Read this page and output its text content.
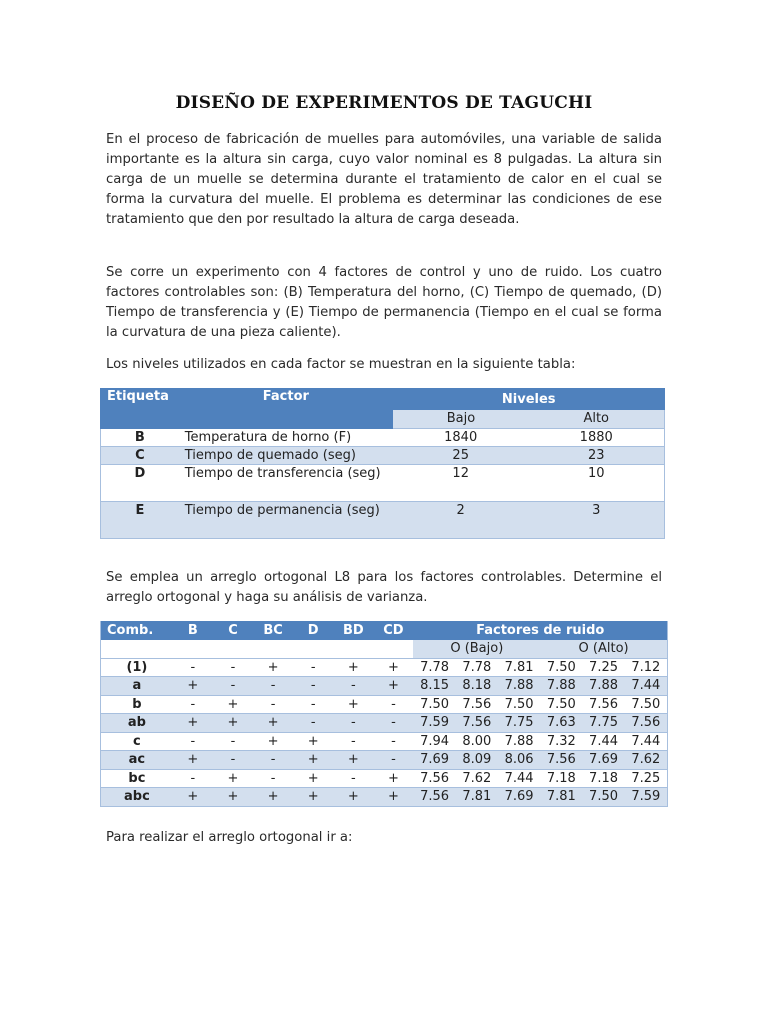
DISEÑO DE EXPERIMENTOS DE TAGUCHI
En el proceso de fabricación de muelles para automóviles, una variable de salida importante es la altura sin carga, cuyo valor nominal es 8 pulgadas. La altura sin carga de un muelle se determina durante el tratamiento de calor en el cual se forma la curvatura del muelle. El problema es determinar las condiciones de ese tratamiento que den por resultado la altura de carga deseada.
Se corre un experimento con 4 factores de control y uno de ruido. Los cuatro factores controlables son: (B) Temperatura del horno, (C) Tiempo de quemado, (D) Tiempo de transferencia y (E) Tiempo de permanencia (Tiempo en el cual se forma la curvatura de una pieza caliente).
Los niveles utilizados en cada factor se muestran en la siguiente tabla:
Etiqueta	Factor	Niveles	
		Bajo	Alto
B	Temperatura de horno (F)	1840	1880
C	Tiempo de quemado (seg)	25	23
D	Tiempo de transferencia (seg)	12	10
E	Tiempo de permanencia (seg)	2	3
Se emplea un arreglo ortogonal L8 para los factores controlables. Determine el arreglo ortogonal y haga su análisis de varianza.
Comb.	B	C	BC	D	BD	CD	Factores de ruido					
							O (Bajo)			O (Alto)		
(1)	-	-	+	-	+	+	7.78	7.78	7.81	7.50	7.25	7.12
a	+	-	-	-	-	+	8.15	8.18	7.88	7.88	7.88	7.44
b	-	+	-	-	+	-	7.50	7.56	7.50	7.50	7.56	7.50
ab	+	+	+	-	-	-	7.59	7.56	7.75	7.63	7.75	7.56
c	-	-	+	+	-	-	7.94	8.00	7.88	7.32	7.44	7.44
ac	+	-	-	+	+	-	7.69	8.09	8.06	7.56	7.69	7.62
bc	-	+	-	+	-	+	7.56	7.62	7.44	7.18	7.18	7.25
abc	+	+	+	+	+	+	7.56	7.81	7.69	7.81	7.50	7.59
Para realizar el arreglo ortogonal ir a:
